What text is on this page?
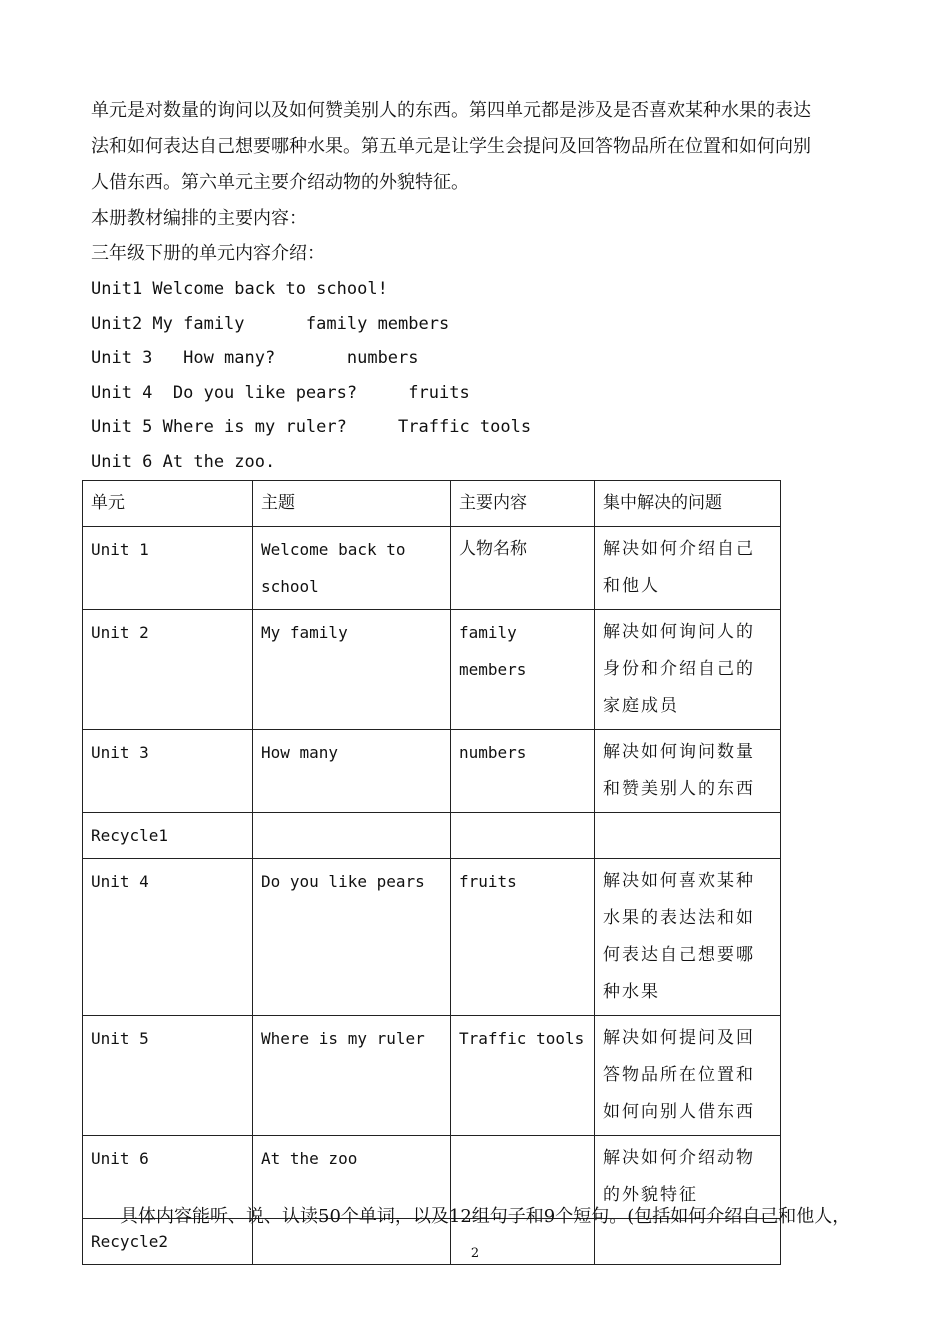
单元是对数量的询问以及如何赞美别人的东西。第四单元都是涉及是否喜欢某种水果的表达
法和如何表达自己想要哪种水果。第五单元是让学生会提问及回答物品所在位置和如何向别
人借东西。第六单元主要介绍动物的外貌特征。
本册教材编排的主要内容：
三年级下册的单元内容介绍：
Unit1 Welcome back to school!
Unit2 My family      family members
Unit 3   How many?       numbers
Unit 4  Do you like pears?     fruits
Unit 5 Where is my ruler?     Traffic tools
Unit 6 At the zoo.
单元	主题	主要内容	集中解决的问题
Unit 1	Welcome back to school	人物名称	解决如何介绍自己和他人
Unit 2	My family	family members	解决如何询问人的身份和介绍自己的家庭成员
Unit 3	How many	numbers	解决如何询问数量和赞美别人的东西
Recycle1			
Unit 4	Do you like pears	fruits	解决如何喜欢某种水果的表达法和如何表达自己想要哪种水果
Unit 5	Where is my ruler	Traffic tools	解决如何提问及回答物品所在位置和如何向别人借东西
Unit 6	At the zoo		解决如何介绍动物的外貌特征
Recycle2			
具体内容能听、说、认读50个单词，以及12组句子和9个短句。(包括如何介绍自己和他人，
2
